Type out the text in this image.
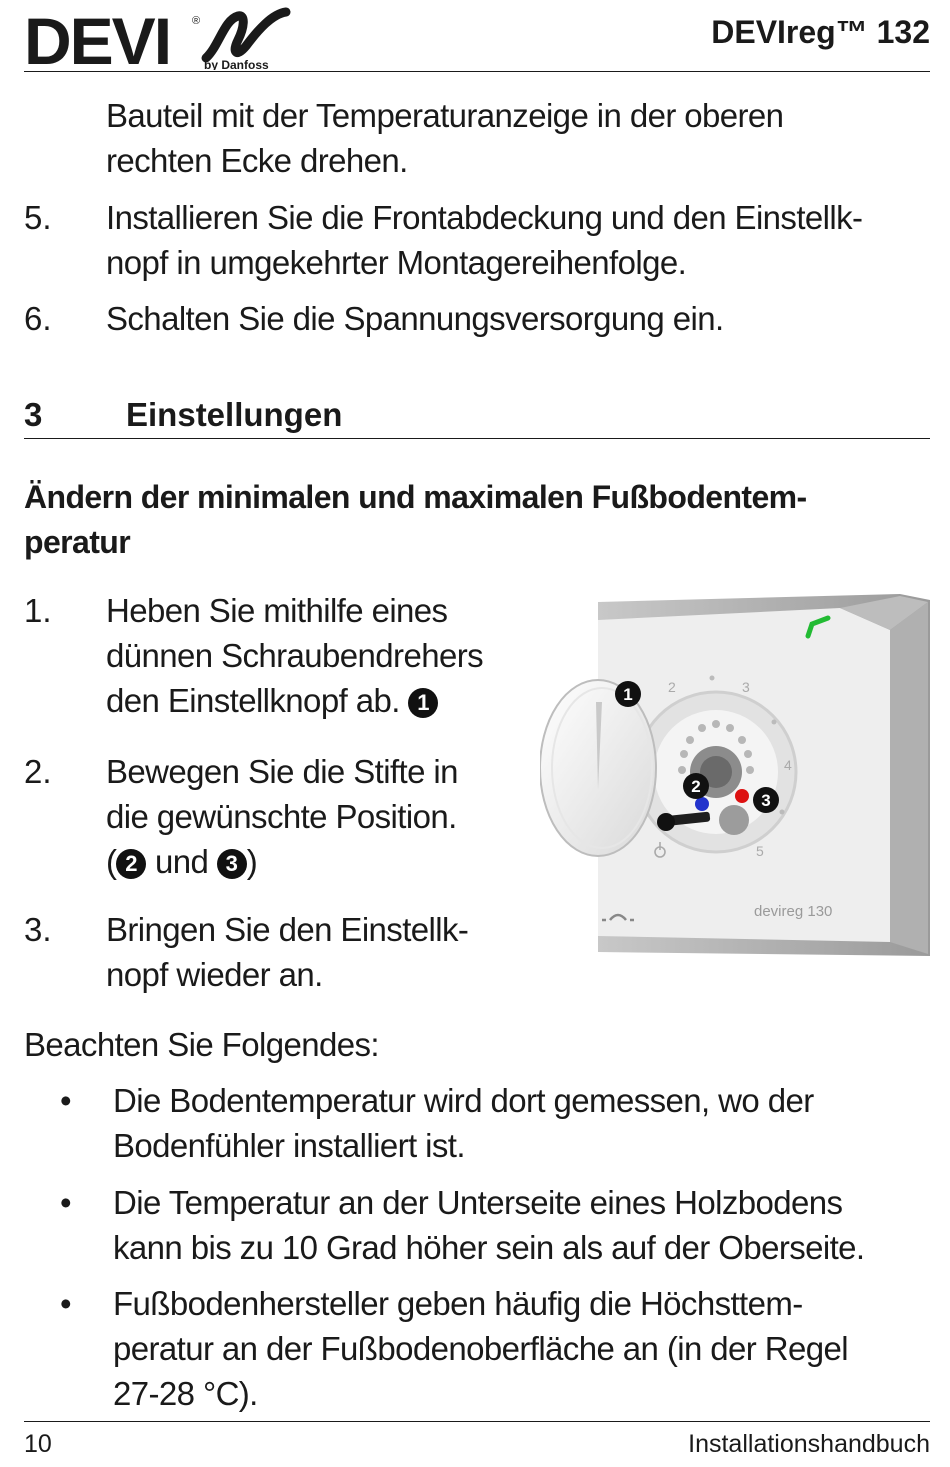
DEVI ®
by Danfoss
DEVIreg™ 132
Bauteil mit der Temperaturanzeige in der oberen
rechten Ecke drehen.
5. Installieren Sie die Frontabdeckung und den Einstellk-
nopf in umgekehrter Montagereihenfolge.
6. Schalten Sie die Spannungsversorgung ein.
3	Einstellungen
Ändern der minimalen und maximalen Fußbodentem-
peratur
1. Heben Sie mithilfe eines
dünnen Schraubendrehers
den Einstellknopf ab. 1
2. Bewegen Sie die Stifte in
die gewünschte Position.
( 2 und 3 )
3. Bringen Sie den Einstellk-
nopf wieder an.
2	3
4
5
devireg 130
1
2
3
Beachten Sie Folgendes:
• Die Bodentemperatur wird dort gemessen, wo der
Bodenfühler installiert ist.
• Die Temperatur an der Unterseite eines Holzbodens
kann bis zu 10 Grad höher sein als auf der Oberseite.
• Fußbodenhersteller geben häufig die Höchsttem-
peratur an der Fußbodenoberfläche an (in der Regel
27-28 °C).
10	Installationshandbuch
